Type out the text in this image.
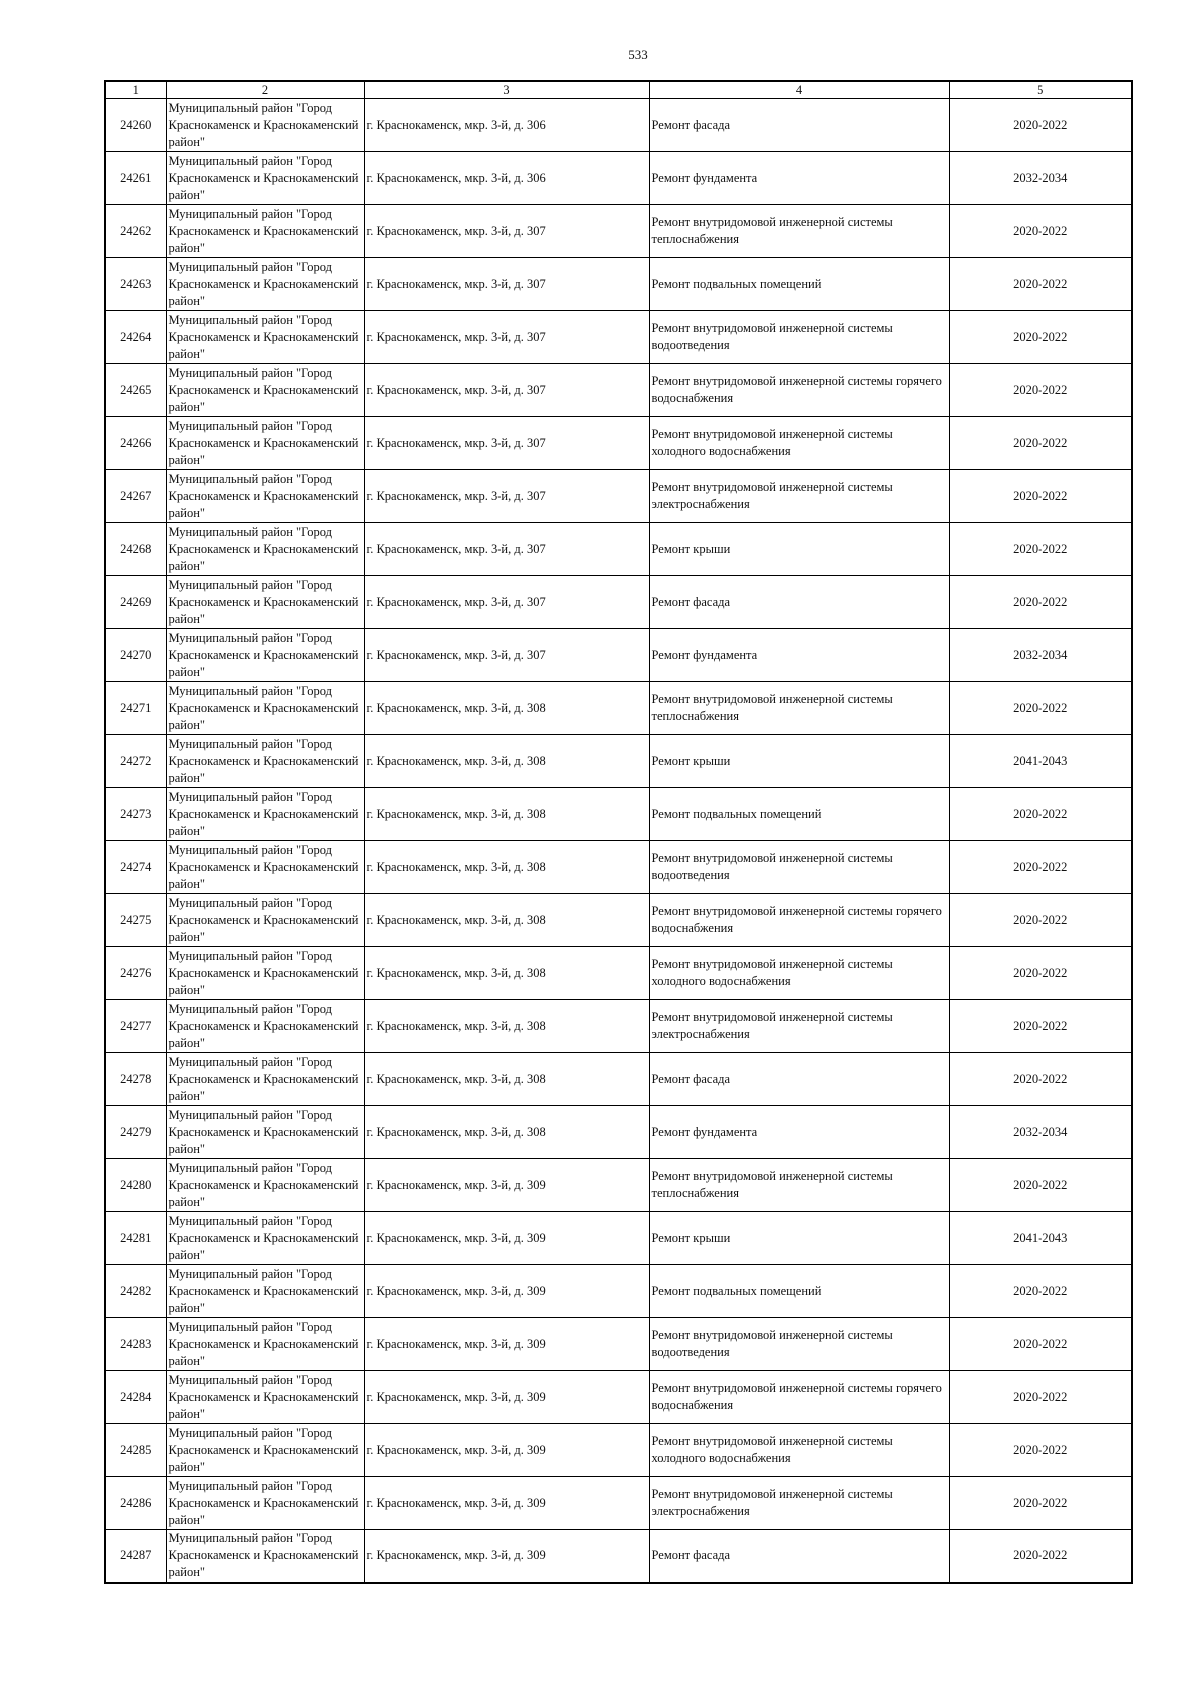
533
1	2	3	4	5
24260	Муниципальный район "Город Краснокаменск и Краснокаменский район"	г. Краснокаменск, мкр. 3-й, д. 306	Ремонт фасада	2020-2022
24261	Муниципальный район "Город Краснокаменск и Краснокаменский район"	г. Краснокаменск, мкр. 3-й, д. 306	Ремонт фундамента	2032-2034
24262	Муниципальный район "Город Краснокаменск и Краснокаменский район"	г. Краснокаменск, мкр. 3-й, д. 307	Ремонт внутридомовой инженерной системы теплоснабжения	2020-2022
24263	Муниципальный район "Город Краснокаменск и Краснокаменский район"	г. Краснокаменск, мкр. 3-й, д. 307	Ремонт подвальных помещений	2020-2022
24264	Муниципальный район "Город Краснокаменск и Краснокаменский район"	г. Краснокаменск, мкр. 3-й, д. 307	Ремонт внутридомовой инженерной системы водоотведения	2020-2022
24265	Муниципальный район "Город Краснокаменск и Краснокаменский район"	г. Краснокаменск, мкр. 3-й, д. 307	Ремонт внутридомовой инженерной системы горячего водоснабжения	2020-2022
24266	Муниципальный район "Город Краснокаменск и Краснокаменский район"	г. Краснокаменск, мкр. 3-й, д. 307	Ремонт внутридомовой инженерной системы холодного водоснабжения	2020-2022
24267	Муниципальный район "Город Краснокаменск и Краснокаменский район"	г. Краснокаменск, мкр. 3-й, д. 307	Ремонт внутридомовой инженерной системы электроснабжения	2020-2022
24268	Муниципальный район "Город Краснокаменск и Краснокаменский район"	г. Краснокаменск, мкр. 3-й, д. 307	Ремонт крыши	2020-2022
24269	Муниципальный район "Город Краснокаменск и Краснокаменский район"	г. Краснокаменск, мкр. 3-й, д. 307	Ремонт фасада	2020-2022
24270	Муниципальный район "Город Краснокаменск и Краснокаменский район"	г. Краснокаменск, мкр. 3-й, д. 307	Ремонт фундамента	2032-2034
24271	Муниципальный район "Город Краснокаменск и Краснокаменский район"	г. Краснокаменск, мкр. 3-й, д. 308	Ремонт внутридомовой инженерной системы теплоснабжения	2020-2022
24272	Муниципальный район "Город Краснокаменск и Краснокаменский район"	г. Краснокаменск, мкр. 3-й, д. 308	Ремонт крыши	2041-2043
24273	Муниципальный район "Город Краснокаменск и Краснокаменский район"	г. Краснокаменск, мкр. 3-й, д. 308	Ремонт подвальных помещений	2020-2022
24274	Муниципальный район "Город Краснокаменск и Краснокаменский район"	г. Краснокаменск, мкр. 3-й, д. 308	Ремонт внутридомовой инженерной системы водоотведения	2020-2022
24275	Муниципальный район "Город Краснокаменск и Краснокаменский район"	г. Краснокаменск, мкр. 3-й, д. 308	Ремонт внутридомовой инженерной системы горячего водоснабжения	2020-2022
24276	Муниципальный район "Город Краснокаменск и Краснокаменский район"	г. Краснокаменск, мкр. 3-й, д. 308	Ремонт внутридомовой инженерной системы холодного водоснабжения	2020-2022
24277	Муниципальный район "Город Краснокаменск и Краснокаменский район"	г. Краснокаменск, мкр. 3-й, д. 308	Ремонт внутридомовой инженерной системы электроснабжения	2020-2022
24278	Муниципальный район "Город Краснокаменск и Краснокаменский район"	г. Краснокаменск, мкр. 3-й, д. 308	Ремонт фасада	2020-2022
24279	Муниципальный район "Город Краснокаменск и Краснокаменский район"	г. Краснокаменск, мкр. 3-й, д. 308	Ремонт фундамента	2032-2034
24280	Муниципальный район "Город Краснокаменск и Краснокаменский район"	г. Краснокаменск, мкр. 3-й, д. 309	Ремонт внутридомовой инженерной системы теплоснабжения	2020-2022
24281	Муниципальный район "Город Краснокаменск и Краснокаменский район"	г. Краснокаменск, мкр. 3-й, д. 309	Ремонт крыши	2041-2043
24282	Муниципальный район "Город Краснокаменск и Краснокаменский район"	г. Краснокаменск, мкр. 3-й, д. 309	Ремонт подвальных помещений	2020-2022
24283	Муниципальный район "Город Краснокаменск и Краснокаменский район"	г. Краснокаменск, мкр. 3-й, д. 309	Ремонт внутридомовой инженерной системы водоотведения	2020-2022
24284	Муниципальный район "Город Краснокаменск и Краснокаменский район"	г. Краснокаменск, мкр. 3-й, д. 309	Ремонт внутридомовой инженерной системы горячего водоснабжения	2020-2022
24285	Муниципальный район "Город Краснокаменск и Краснокаменский район"	г. Краснокаменск, мкр. 3-й, д. 309	Ремонт внутридомовой инженерной системы холодного водоснабжения	2020-2022
24286	Муниципальный район "Город Краснокаменск и Краснокаменский район"	г. Краснокаменск, мкр. 3-й, д. 309	Ремонт внутридомовой инженерной системы электроснабжения	2020-2022
24287	Муниципальный район "Город Краснокаменск и Краснокаменский район"	г. Краснокаменск, мкр. 3-й, д. 309	Ремонт фасада	2020-2022
